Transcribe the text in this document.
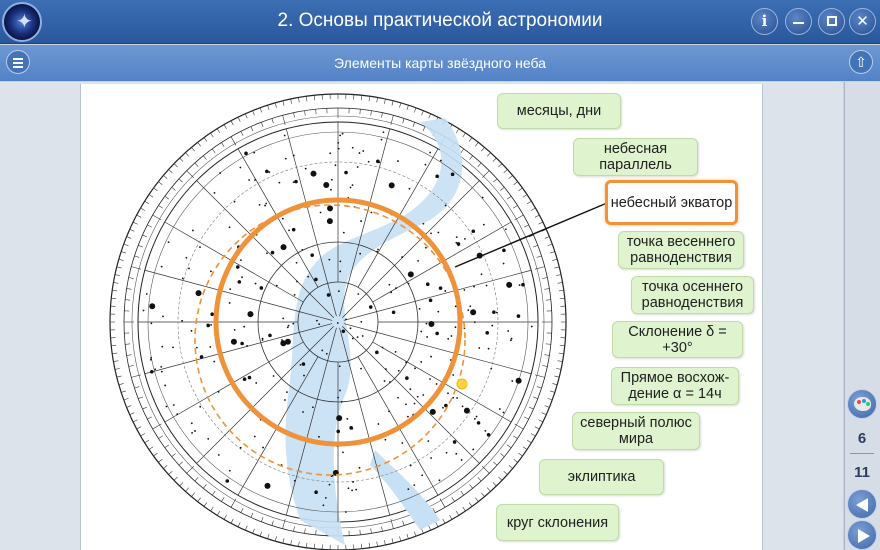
✦	2. Основы практической астрономии	i	✕
Элементы карты звёздного неба	⇧
месяцы, дни
небесная параллель
небесный экватор
точка весеннего равноденствия
точка осеннего равноденствия
Склонение δ = +30°
Прямое восхож-дение α = 14ч
северный полюс мира
эклиптика
круг склонения
6
11
